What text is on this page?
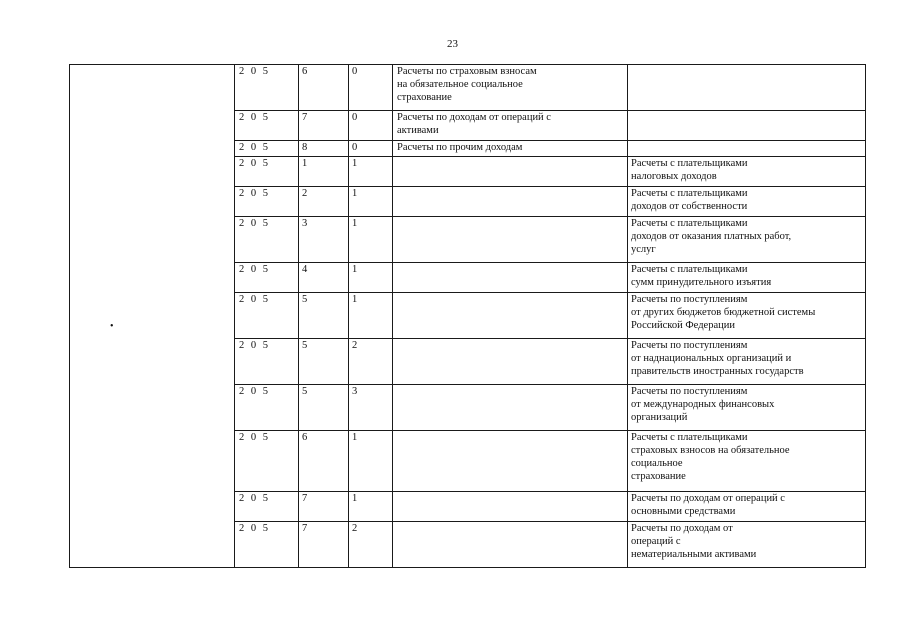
23
	2 0 5	6	0	Расчеты по страховым взносам
на обязательное социальное
страхование	

	2 0 5	7	0	Расчеты по доходам от операций с
активами	

	2 0 5	8	0	Расчеты по прочим доходам	

	2 0 5	1	1		Расчеты с плательщиками
налоговых доходов

	2 0 5	2	1		Расчеты с плательщиками
доходов от собственности

	2 0 5	3	1		Расчеты с плательщиками
доходов от оказания платных работ,
услуг

	2 0 5	4	1		Расчеты с плательщиками
сумм принудительного изъятия

	2 0 5	5	1		Расчеты по поступлениям
от других бюджетов бюджетной системы
Российской Федерации

	2 0 5	5	2		Расчеты по поступлениям
от наднациональных организаций и
правительств иностранных государств

	2 0 5	5	3		Расчеты по поступлениям
от международных финансовых
организаций

	2 0 5	6	1		Расчеты с плательщиками
страховых взносов на обязательное
социальное
страхование

	2 0 5	7	1		Расчеты по доходам от операций с
основными средствами

	2 0 5	7	2		Расчеты по доходам от
операций с
нематериальными активами
•
